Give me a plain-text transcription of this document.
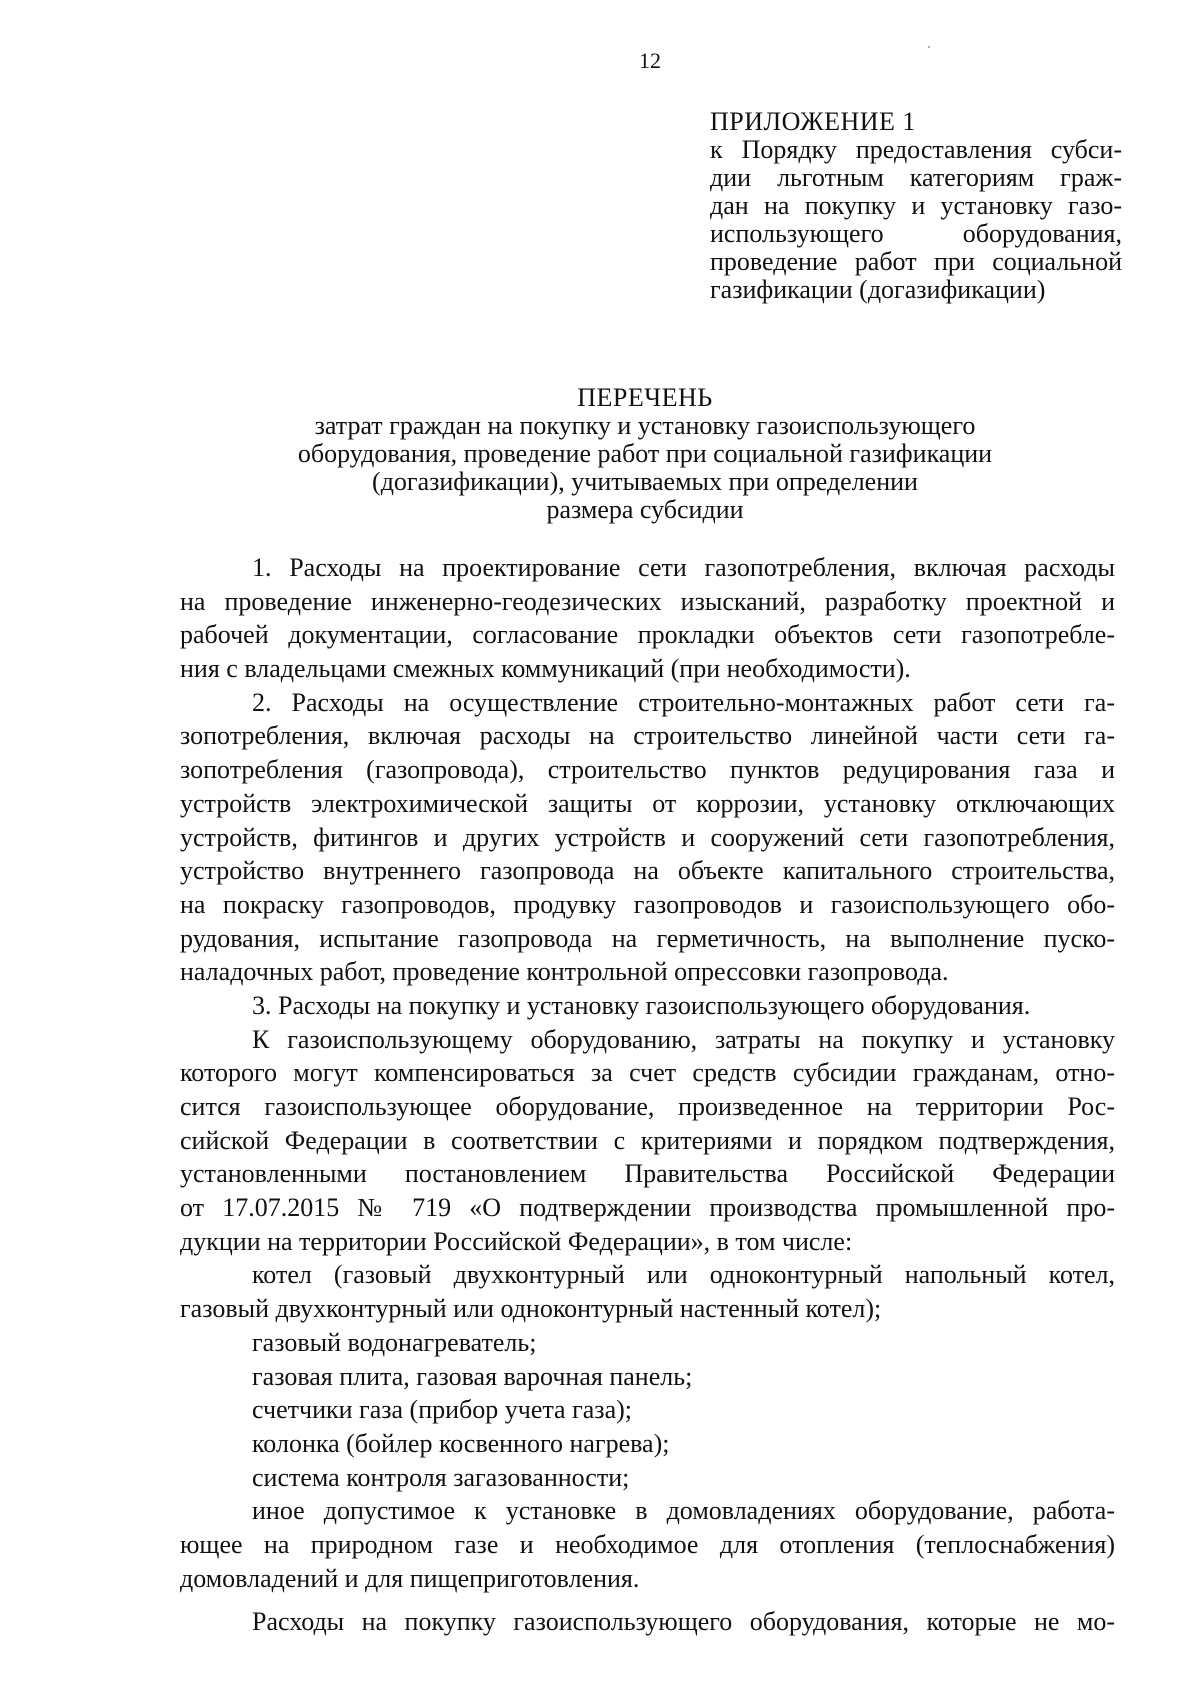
12
ПРИЛОЖЕНИЕ 1
к Порядку предоставления субси-
дии льготным категориям граж-
дан на покупку и установку газо-
использующего оборудования,
проведение работ при социальной
газификации (догазификации)
ПЕРЕЧЕНЬ
затрат граждан на покупку и установку газоиспользующего
оборудования, проведение работ при социальной газификации
(догазификации), учитываемых при определении
размера субсидии
1. Расходы на проектирование сети газопотребления, включая расходы
на проведение инженерно-геодезических изысканий, разработку проектной и
рабочей документации, согласование прокладки объектов сети газопотребле-
ния с владельцами смежных коммуникаций (при необходимости).
2. Расходы на осуществление строительно-монтажных работ сети га-
зопотребления, включая расходы на строительство линейной части сети га-
зопотребления (газопровода), строительство пунктов редуцирования газа и
устройств электрохимической защиты от коррозии, установку отключающих
устройств, фитингов и других устройств и сооружений сети газопотребления,
устройство внутреннего газопровода на объекте капитального строительства,
на покраску газопроводов, продувку газопроводов и газоиспользующего обо-
рудования, испытание газопровода на герметичность, на выполнение пуско-
наладочных работ, проведение контрольной опрессовки газопровода.
3. Расходы на покупку и установку газоиспользующего оборудования.
К газоиспользующему оборудованию, затраты на покупку и установку
которого могут компенсироваться за счет средств субсидии гражданам, отно-
сится газоиспользующее оборудование, произведенное на территории Рос-
сийской Федерации в соответствии с критериями и порядком подтверждения,
установленными постановлением Правительства Российской Федерации
от 17.07.2015 № 719 «О подтверждении производства промышленной про-
дукции на территории Российской Федерации», в том числе:
котел (газовый двухконтурный или одноконтурный напольный котел,
газовый двухконтурный или одноконтурный настенный котел);
газовый водонагреватель;
газовая плита, газовая варочная панель;
счетчики газа (прибор учета газа);
колонка (бойлер косвенного нагрева);
система контроля загазованности;
иное допустимое к установке в домовладениях оборудование, работа-
ющее на природном газе и необходимое для отопления (теплоснабжения)
домовладений и для пищеприготовления.
Расходы на покупку газоиспользующего оборудования, которые не мо-
